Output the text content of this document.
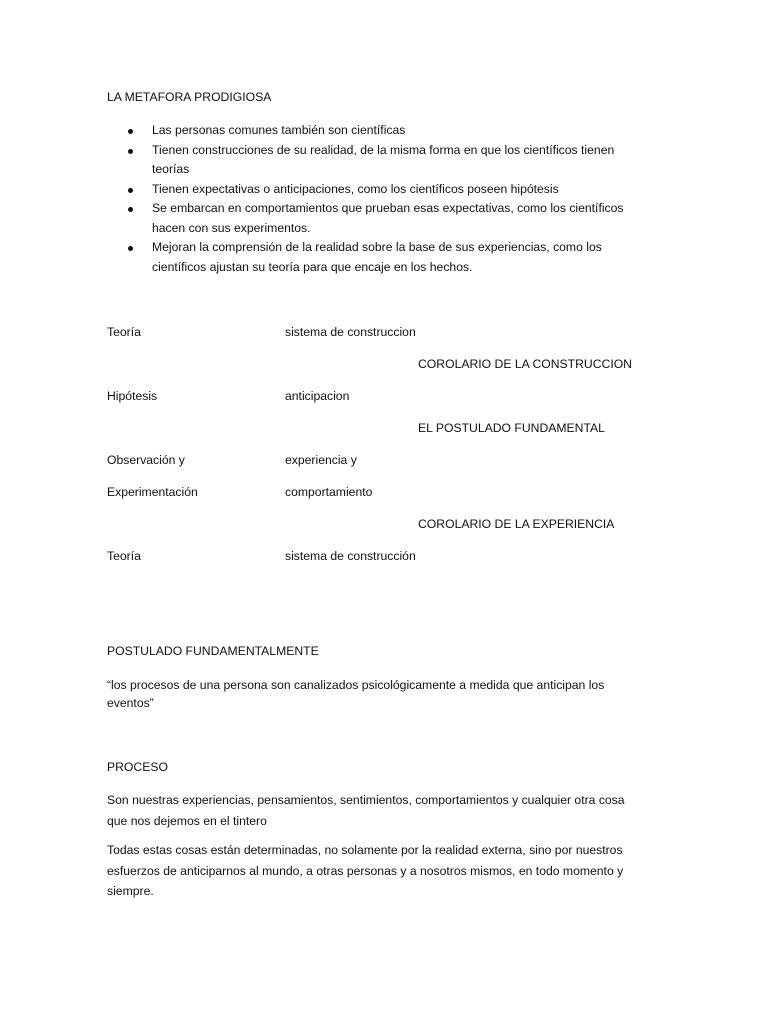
LA METAFORA PRODIGIOSA
Las personas comunes también son científicas
Tienen construcciones de su realidad, de la misma forma en que los científicos tienen
teorías
Tienen expectativas o anticipaciones, como los científicos poseen hipótesis
Se embarcan en comportamientos que prueban esas expectativas, como los científicos
hacen con sus experimentos.
Mejoran la comprensión de la realidad sobre la base de sus experiencias, como los
científicos ajustan su teoría para que encaje en los hechos.
Teoría	sistema de construccion
COROLARIO DE LA CONSTRUCCION
Hipótesis	anticipacion
EL POSTULADO FUNDAMENTAL
Observación y	experiencia y
Experimentación	comportamiento
COROLARIO DE LA EXPERIENCIA
Teoría	sistema de construcción
POSTULADO FUNDAMENTALMENTE
“los procesos de una persona son canalizados psicológicamente a medida que anticipan los
eventos”
PROCESO
Son nuestras experiencias, pensamientos, sentimientos, comportamientos y cualquier otra cosa
que nos dejemos en el tintero
Todas estas cosas están determinadas, no solamente por la realidad externa, sino por nuestros
esfuerzos de anticiparnos al mundo, a otras personas y a nosotros mismos, en todo momento y
siempre.
